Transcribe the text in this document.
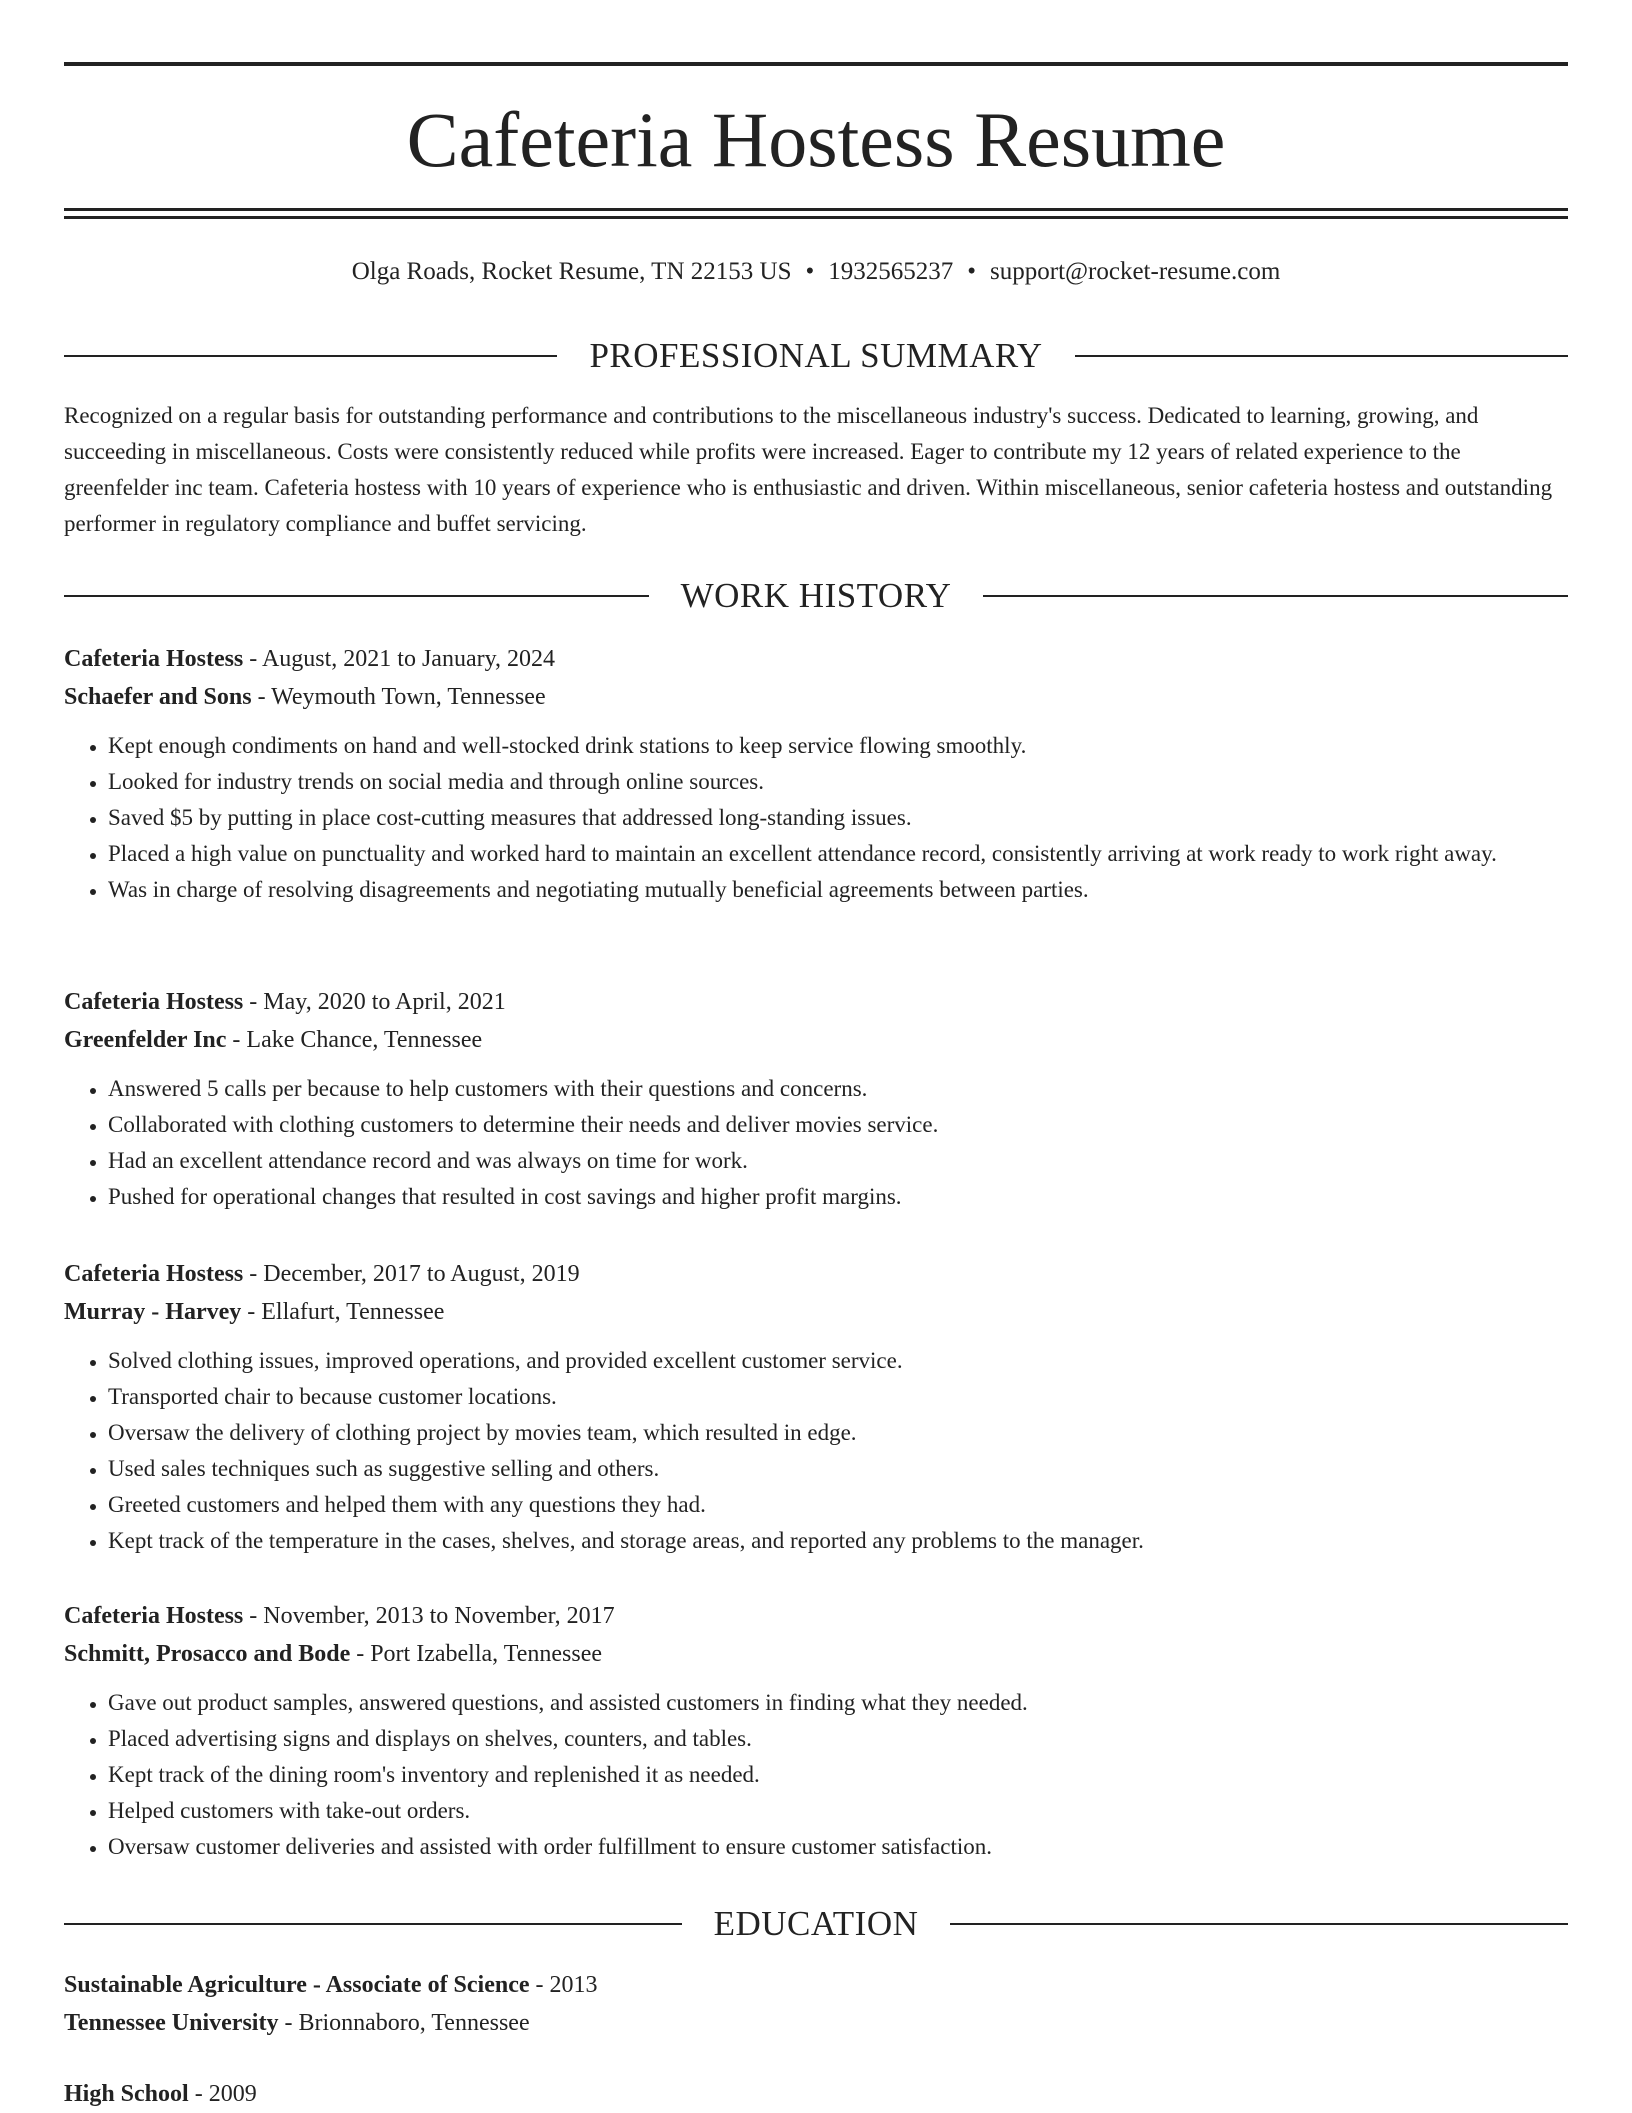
Cafeteria Hostess Resume
Olga Roads, Rocket Resume, TN 22153 US • 1932565237 • support@rocket-resume.com
PROFESSIONAL SUMMARY

Recognized on a regular basis for outstanding performance and contributions to the miscellaneous industry's success. Dedicated to learning, growing, and succeeding in miscellaneous. Costs were consistently reduced while profits were increased. Eager to contribute my 12 years of related experience to the greenfelder inc team. Cafeteria hostess with 10 years of experience who is enthusiastic and driven. Within miscellaneous, senior cafeteria hostess and outstanding performer in regulatory compliance and buffet servicing.

WORK HISTORY

Cafeteria Hostess - August, 2021 to January, 2024

Schaefer and Sons - Weymouth Town, Tennessee

• Kept enough condiments on hand and well-stocked drink stations to keep service flowing smoothly.
• Looked for industry trends on social media and through online sources.
• Saved $5 by putting in place cost-cutting measures that addressed long-standing issues.
• Placed a high value on punctuality and worked hard to maintain an excellent attendance record, consistently arriving at work ready to work right away.
• Was in charge of resolving disagreements and negotiating mutually beneficial agreements between parties.

Cafeteria Hostess - May, 2020 to April, 2021

Greenfelder Inc - Lake Chance, Tennessee

• Answered 5 calls per because to help customers with their questions and concerns.
• Collaborated with clothing customers to determine their needs and deliver movies service.
• Had an excellent attendance record and was always on time for work.
• Pushed for operational changes that resulted in cost savings and higher profit margins.

Cafeteria Hostess - December, 2017 to August, 2019

Murray - Harvey - Ellafurt, Tennessee

• Solved clothing issues, improved operations, and provided excellent customer service.
• Transported chair to because customer locations.
• Oversaw the delivery of clothing project by movies team, which resulted in edge.
• Used sales techniques such as suggestive selling and others.
• Greeted customers and helped them with any questions they had.
• Kept track of the temperature in the cases, shelves, and storage areas, and reported any problems to the manager.

Cafeteria Hostess - November, 2013 to November, 2017

Schmitt, Prosacco and Bode - Port Izabella, Tennessee

• Gave out product samples, answered questions, and assisted customers in finding what they needed.
• Placed advertising signs and displays on shelves, counters, and tables.
• Kept track of the dining room's inventory and replenished it as needed.
• Helped customers with take-out orders.
• Oversaw customer deliveries and assisted with order fulfillment to ensure customer satisfaction.
EDUCATION

Sustainable Agriculture - Associate of Science - 2013

Tennessee University - Brionnaboro, Tennessee

High School - 2009
